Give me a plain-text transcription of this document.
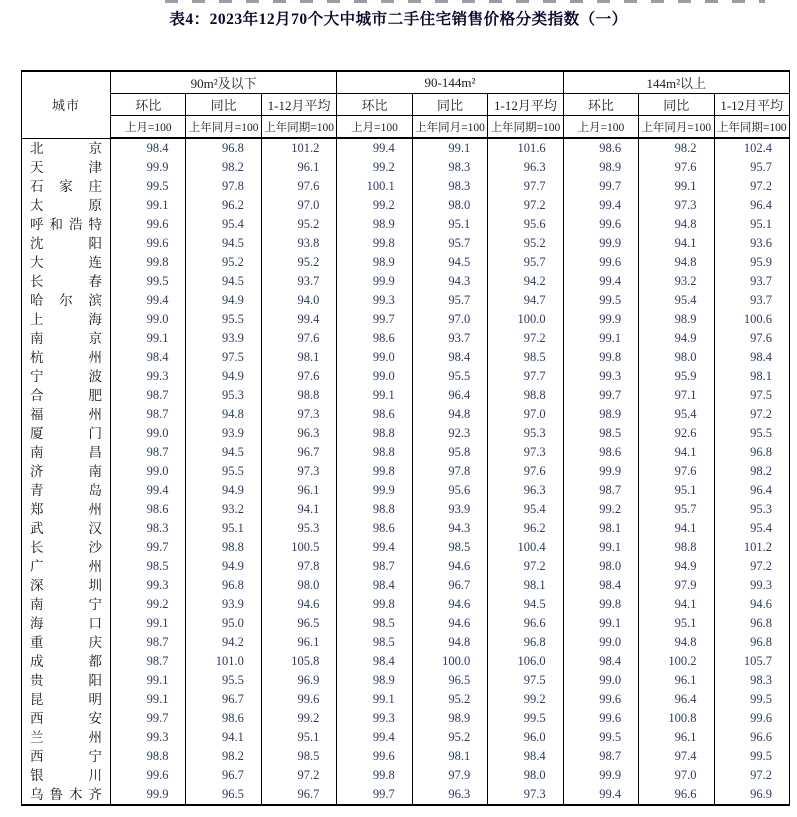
表4：2023年12月70个大中城市二手住宅销售价格分类指数（一）
城市	90m²及以下			90-144m²			144m²以上		
	环比	同比	1-12月平均	环比	同比	1-12月平均	环比	同比	1-12月平均
	上月=100	上年同月=100	上年同期=100	上月=100	上年同月=100	上年同期=100	上月=100	上年同月=100	上年同期=100
北京	98.4	96.8	101.2	99.4	99.1	101.6	98.6	98.2	102.4
天津	99.9	98.2	96.1	99.2	98.3	96.3	98.9	97.6	95.7
石家庄	99.5	97.8	97.6	100.1	98.3	97.7	99.7	99.1	97.2
太原	99.1	96.2	97.0	99.2	98.0	97.2	99.4	97.3	96.4
呼和浩特	99.6	95.4	95.2	98.9	95.1	95.6	99.6	94.8	95.1
沈阳	99.6	94.5	93.8	99.8	95.7	95.2	99.9	94.1	93.6
大连	99.8	95.2	95.2	98.9	94.5	95.7	99.6	94.8	95.9
长春	99.5	94.5	93.7	99.9	94.3	94.2	99.4	93.2	93.7
哈尔滨	99.4	94.9	94.0	99.3	95.7	94.7	99.5	95.4	93.7
上海	99.0	95.5	99.4	99.7	97.0	100.0	99.9	98.9	100.6
南京	99.1	93.9	97.6	98.6	93.7	97.2	99.1	94.9	97.6
杭州	98.4	97.5	98.1	99.0	98.4	98.5	99.8	98.0	98.4
宁波	99.3	94.9	97.6	99.0	95.5	97.7	99.3	95.9	98.1
合肥	98.7	95.3	98.8	99.1	96.4	98.8	99.7	97.1	97.5
福州	98.7	94.8	97.3	98.6	94.8	97.0	98.9	95.4	97.2
厦门	99.0	93.9	96.3	98.8	92.3	95.3	98.5	92.6	95.5
南昌	98.7	94.5	96.7	98.8	95.8	97.3	98.6	94.1	96.8
济南	99.0	95.5	97.3	99.8	97.8	97.6	99.9	97.6	98.2
青岛	99.4	94.9	96.1	99.9	95.6	96.3	98.7	95.1	96.4
郑州	98.6	93.2	94.1	98.8	93.9	95.4	99.2	95.7	95.3
武汉	98.3	95.1	95.3	98.6	94.3	96.2	98.1	94.1	95.4
长沙	99.7	98.8	100.5	99.4	98.5	100.4	99.1	98.8	101.2
广州	98.5	94.9	97.8	98.7	94.6	97.2	98.0	94.9	97.2
深圳	99.3	96.8	98.0	98.4	96.7	98.1	98.4	97.9	99.3
南宁	99.2	93.9	94.6	99.8	94.6	94.5	99.8	94.1	94.6
海口	99.1	95.0	96.5	98.5	94.6	96.6	99.1	95.1	96.8
重庆	98.7	94.2	96.1	98.5	94.8	96.8	99.0	94.8	96.8
成都	98.7	101.0	105.8	98.4	100.0	106.0	98.4	100.2	105.7
贵阳	99.1	95.5	96.9	98.9	96.5	97.5	99.0	96.1	98.3
昆明	99.1	96.7	99.6	99.1	95.2	99.2	99.6	96.4	99.5
西安	99.7	98.6	99.2	99.3	98.9	99.5	99.6	100.8	99.6
兰州	99.3	94.1	95.1	99.4	95.2	96.0	99.5	96.1	96.6
西宁	98.8	98.2	98.5	99.6	98.1	98.4	98.7	97.4	99.5
银川	99.6	96.7	97.2	99.8	97.9	98.0	99.9	97.0	97.2
乌鲁木齐	99.9	96.5	96.7	99.7	96.3	97.3	99.4	96.6	96.9
